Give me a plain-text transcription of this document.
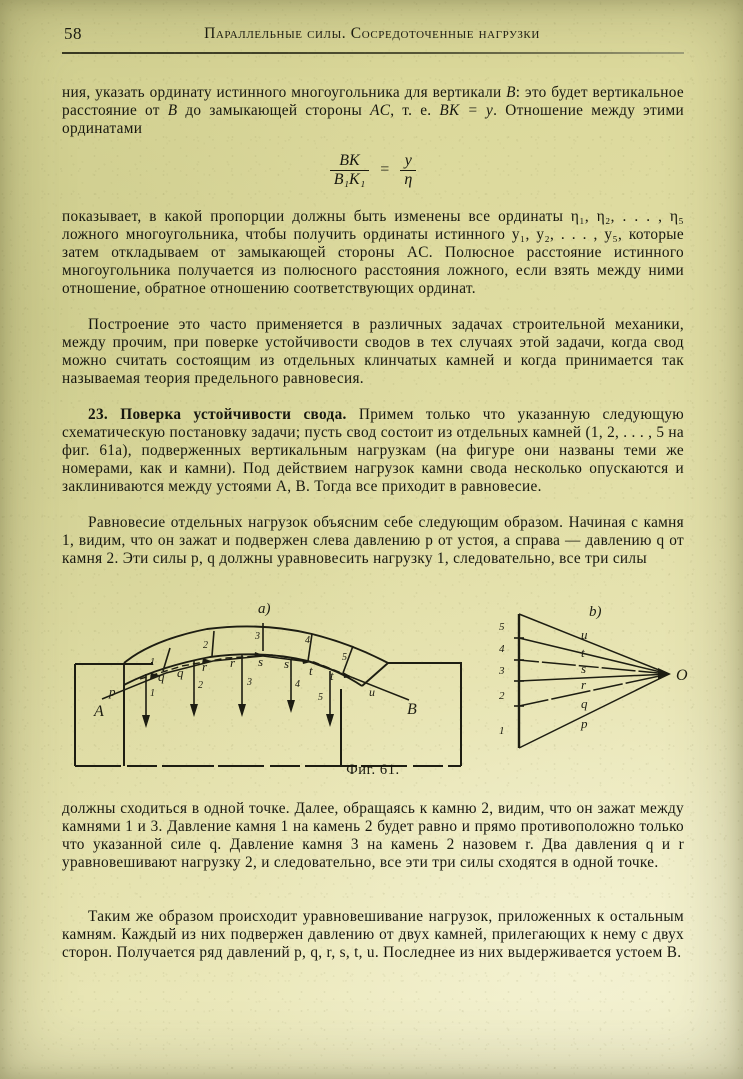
58	Параллельные силы. Сосредоточенные нагрузки

ния, указать ординату истинного многоугольника для вертикали B: это будет вертикальное расстояние от B до замыкающей стороны AC, т. е. BK = y. Отношение между этими ординатами

$\frac{BK}{\text{B₁K₁}} = \frac{y}{\eta}$

показывает, в какой пропорции должны быть изменены все ординаты η₁, η₂, . . . , η₅ ложного многоугольника, чтобы получить ординаты истинного y₁, y₂, . . . , y₅, которые затем откладываем от замыкающей стороны AC. Полюсное расстояние истинного многоугольника получается из полюсного расстояния ложного, если взять между ними отношение, обратное отношению соответствующих ординат.

Построение это часто применяется в различных задачах строительной механики, между прочим, при поверке устойчивости сводов в тех случаях этой задачи, когда свод можно считать состоящим из отдельных клинчатых камней и когда принимается так называемая теория предельного равновесия.

23. Поверка устойчивости свода. Примем только что указанную следующую схематическую постановку задачи; пусть свод состоит из отдельных камней (1, 2, . . . , 5 на фиг. 61а), подверженных вертикальным нагрузкам (на фигуре они названы теми же номерами, как и камни). Под действием нагрузок камни свода несколько опускаются и заклиниваются между устоями A, B. Тогда все приходит в равновесие.

Равновесие отдельных нагрузок объясним себе следующим образом. Начиная с камня 1, видим, что он зажат и подвержен слева давлению p от устоя, а справа — давлению q от камня 2. Эти силы p, q должны уравновесить нагрузку 1, следовательно, все три силы

a)
1
2
3	4
5
1
2	3	4
5
p
q q r r s s t t
u
A	B
b)
O
u
t
s
r
q
p
5
4
3
2
1
Фиг. 61.

должны сходиться в одной точке. Далее, обращаясь к камню 2, видим, что он зажат между камнями 1 и 3. Давление камня 1 на камень 2 будет равно и прямо противоположно только что указанной силе q. Давление камня 3 на камень 2 назовем r. Два давления q и r уравновешивают нагрузку 2, и следовательно, все эти три силы сходятся в одной точке.

Таким же образом происходит уравновешивание нагрузок, приложенных к остальным камням. Каждый из них подвержен давлению от двух камней, прилегающих к нему с двух сторон. Получается ряд давлений p, q, r, s, t, u. Последнее из них выдерживается устоем B.
